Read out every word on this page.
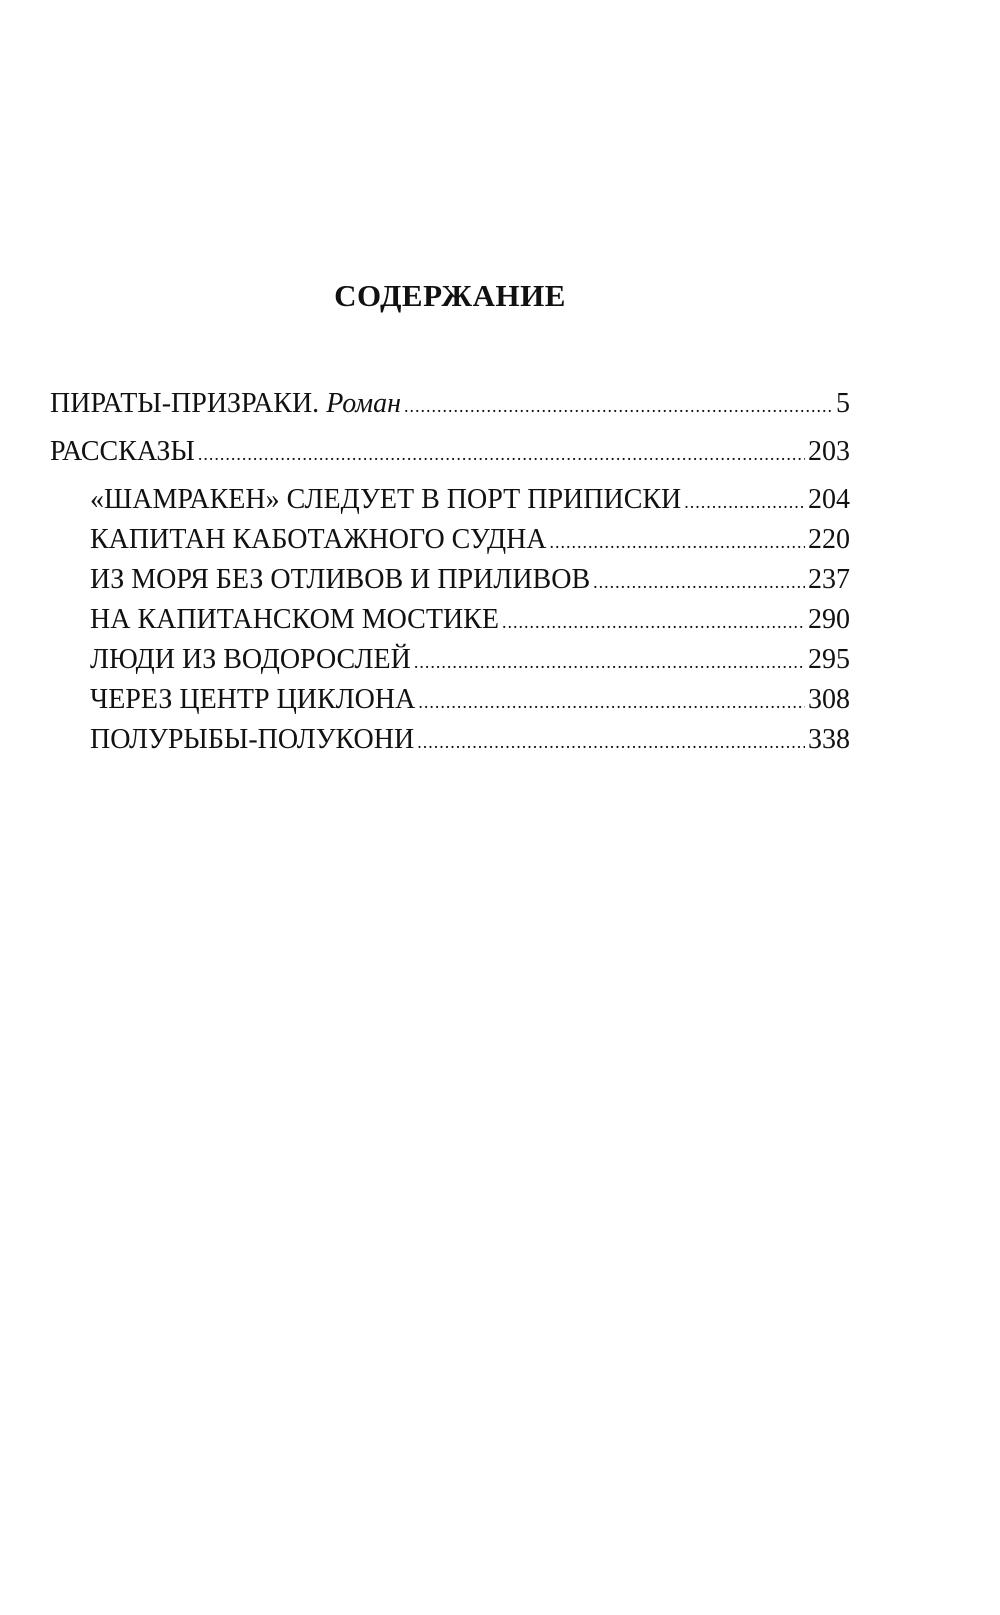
СОДЕРЖАНИЕ
ПИРАТЫ-ПРИЗРАКИ. Роман .....	5
РАССКАЗЫ .....	203
«ШАМРАКЕН» СЛЕДУЕТ В ПОРТ ПРИПИСКИ .....	204
КАПИТАН КАБОТАЖНОГО СУДНА .....	220
ИЗ МОРЯ БЕЗ ОТЛИВОВ И ПРИЛИВОВ .....	237
НА КАПИТАНСКОМ МОСТИКЕ .....	290
ЛЮДИ ИЗ ВОДОРОСЛЕЙ .....	295
ЧЕРЕЗ ЦЕНТР ЦИКЛОНА .....	308
ПОЛУРЫБЫ-ПОЛУКОНИ .....	338
